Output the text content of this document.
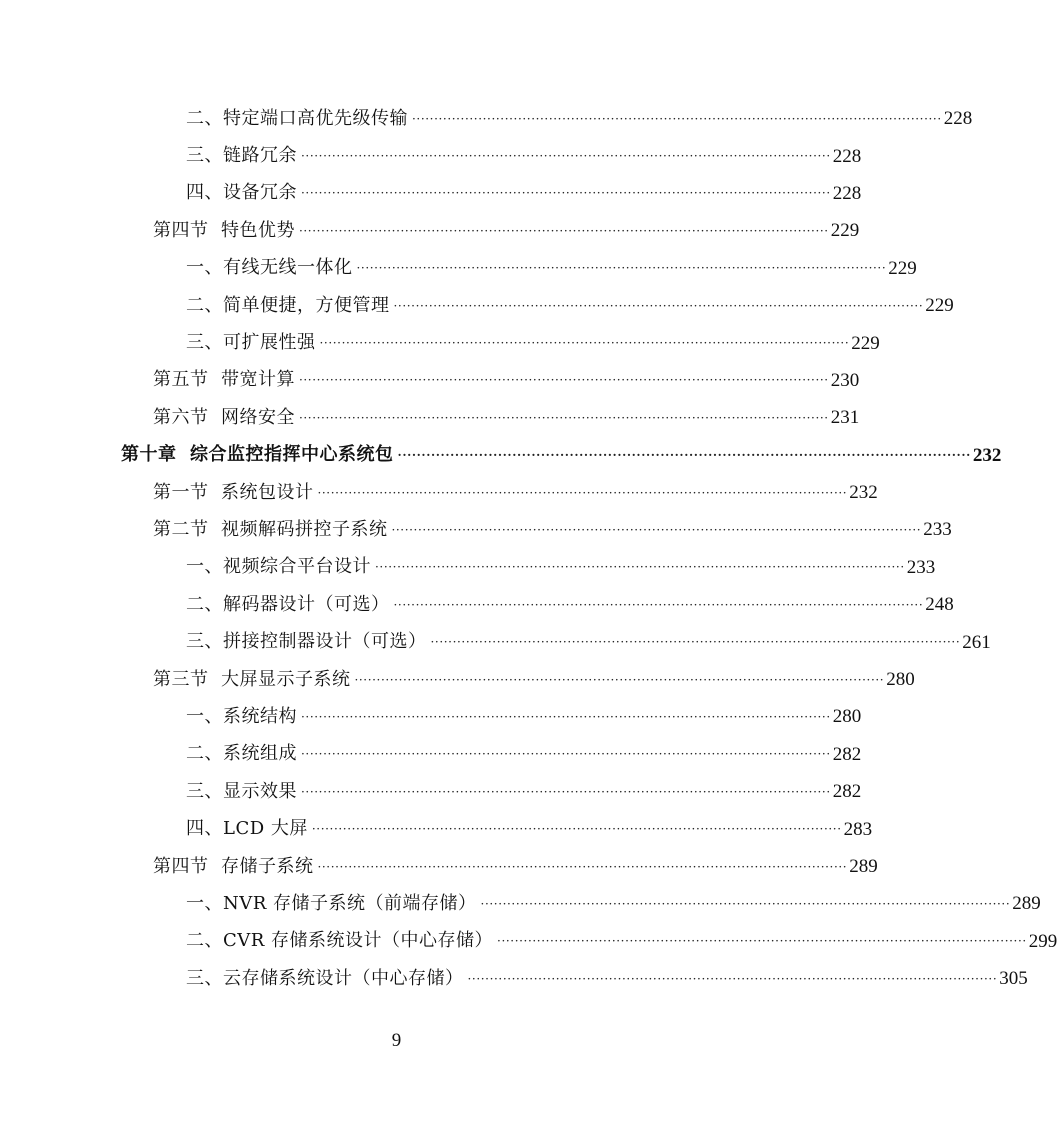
二、特定端口高优先级传输 ························································································································ 228
三、链路冗余 ························································································································ 228
四、设备冗余 ························································································································ 228
第四节  特色优势 ························································································································ 229
一、有线无线一体化 ························································································································ 229
二、简单便捷，方便管理 ························································································································ 229
三、可扩展性强 ························································································································ 229
第五节  带宽计算 ························································································································ 230
第六节  网络安全 ························································································································ 231
第十章  综合监控指挥中心系统包 ························································································································ 232
第一节  系统包设计 ························································································································ 232
第二节  视频解码拼控子系统 ························································································································ 233
一、视频综合平台设计 ························································································································ 233
二、解码器设计（可选） ························································································································ 248
三、拼接控制器设计（可选） ························································································································ 261
第三节  大屏显示子系统 ························································································································ 280
一、系统结构 ························································································································ 280
二、系统组成 ························································································································ 282
三、显示效果 ························································································································ 282
四、LCD 大屏 ························································································································ 283
第四节  存储子系统 ························································································································ 289
一、NVR 存储子系统（前端存储） ························································································································ 289
二、CVR 存储系统设计（中心存储） ························································································································ 299
三、云存储系统设计（中心存储） ························································································································ 305
9
